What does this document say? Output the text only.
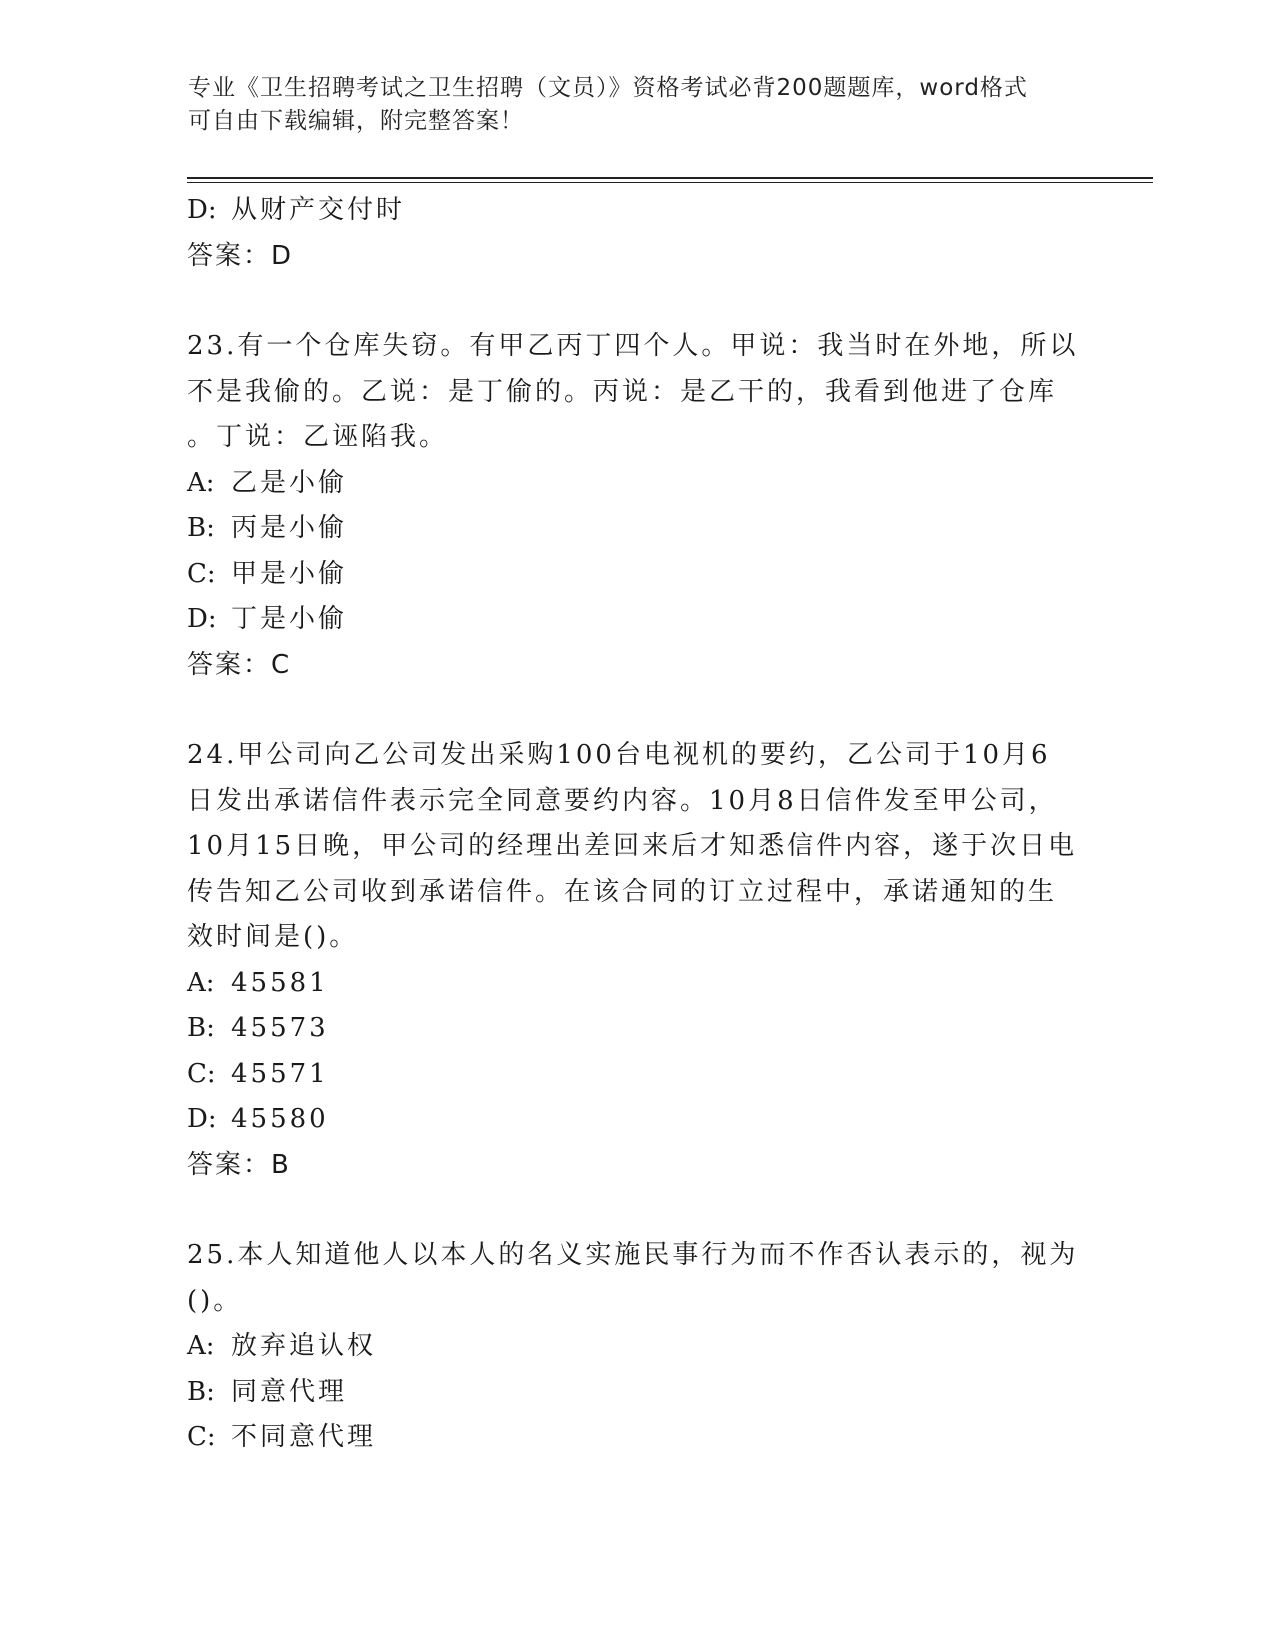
专业《卫生招聘考试之卫生招聘（文员）》资格考试必背200题题库，word格式
可自由下载编辑，附完整答案！
D: 从财产交付时
答案：D
23.有一个仓库失窃。有甲乙丙丁四个人。甲说：我当时在外地，所以
不是我偷的。乙说：是丁偷的。丙说：是乙干的，我看到他进了仓库
。丁说：乙诬陷我。
A: 乙是小偷
B: 丙是小偷
C: 甲是小偷
D: 丁是小偷
答案：C
24.甲公司向乙公司发出采购100台电视机的要约，乙公司于10月6
日发出承诺信件表示完全同意要约内容。10月8日信件发至甲公司，
10月15日晚，甲公司的经理出差回来后才知悉信件内容，遂于次日电
传告知乙公司收到承诺信件。在该合同的订立过程中，承诺通知的生
效时间是()。
A: 45581
B: 45573
C: 45571
D: 45580
答案：B
25.本人知道他人以本人的名义实施民事行为而不作否认表示的，视为
()。
A: 放弃追认权
B: 同意代理
C: 不同意代理
